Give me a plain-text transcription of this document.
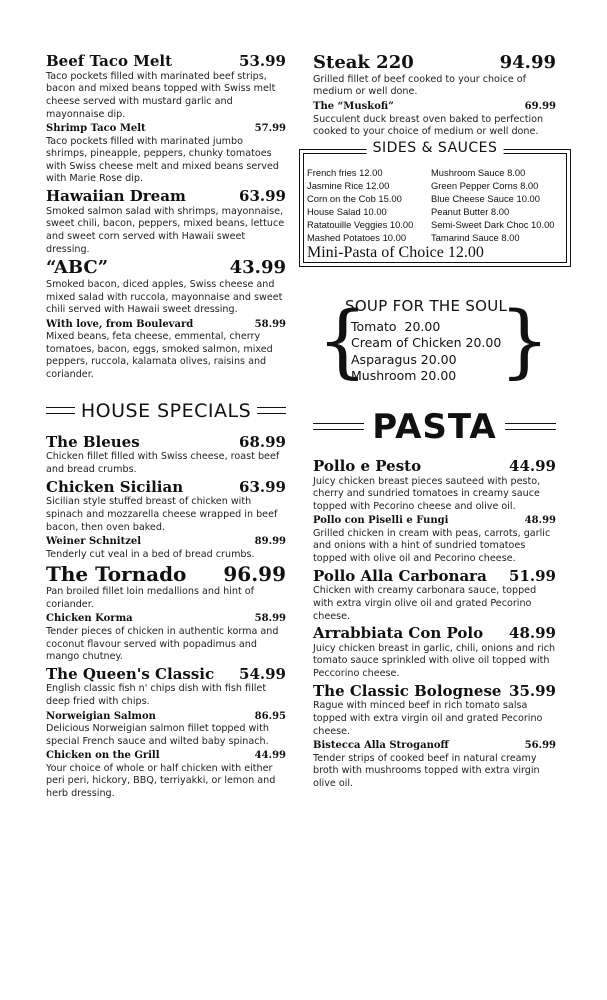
Beef Taco Melt	53.99
Taco pockets filled with marinated beef strips, bacon and mixed beans topped with Swiss melt cheese served with mustard garlic and mayonnaise dip.
Shrimp Taco Melt	57.99
Taco pockets filled with marinated jumbo shrimps, pineapple, peppers, chunky tomatoes with Swiss cheese melt and mixed beans served with Marie Rose dip.
Hawaiian Dream	63.99
Smoked salmon salad with shrimps, mayonnaise, sweet chili, bacon, peppers, mixed beans, lettuce and sweet corn served with Hawaii sweet dressing.
“ABC”	43.99
Smoked bacon, diced apples, Swiss cheese and mixed salad with ruccola, mayonnaise and sweet chili served with Hawaii sweet dressing.
With love, from Boulevard	58.99
Mixed beans, feta cheese, emmental, cherry tomatoes, bacon, eggs, smoked salmon, mixed peppers, ruccola, kalamata olives, raisins and coriander.
HOUSE SPECIALS
The Bleues	68.99
Chicken fillet filled with Swiss cheese, roast beef and bread crumbs.
Chicken Sicilian	63.99
Sicilian style stuffed breast of chicken with spinach and mozzarella cheese wrapped in beef bacon, then oven baked.
Weiner Schnitzel	89.99
Tenderly cut veal in a bed of bread crumbs.
The Tornado 96.99
Pan broiled fillet loin medallions and hint of coriander.
Chicken Korma	58.99
Tender pieces of chicken in authentic korma and coconut flavour served with popadimus and mango chutney.
The Queen's Classic 54.99
English classic fish n' chips dish with fish fillet deep fried with chips.
Norweigian Salmon	86.95
Delicious Norweigian salmon fillet topped with special French sauce and wilted baby spinach.
Chicken on the Grill	44.99
Your choice of whole or half chicken with either peri peri, hickory, BBQ, terriyakki, or lemon and herb dressing.
Steak 220	94.99
Grilled fillet of beef cooked to your choice of medium or well done.
The “Muskofi”	69.99
Succulent duck breast oven baked to perfection cooked to your choice of medium or well done.
SIDES & SAUCES
French fries 12.00
Jasmine Rice 12.00
Corn on the Cob 15.00
House Salad 10.00
Ratatouille Veggies 10.00
Mashed Potatoes 10.00
Mushroom Sauce 8.00
Green Pepper Corns 8.00
Blue Cheese Sauce 10.00
Peanut Butter 8.00
Semi-Sweet Dark Choc 10.00
Tamarind Sauce 8.00
Mini-Pasta of Choice 12.00
{ }
SOUP FOR THE SOUL
Tomato  20.00
Cream of Chicken 20.00
Asparagus 20.00
Mushroom 20.00
PASTA
Pollo e Pesto	44.99
Juicy chicken breast pieces sauteed with pesto, cherry and sundried tomatoes in creamy sauce topped with Pecorino cheese and olive oil.
Pollo con Piselli e Fungi	48.99
Grilled chicken in cream with peas, carrots, garlic and onions with a hint of sundried tomatoes topped with olive oil and Pecorino cheese.
Pollo Alla Carbonara 51.99
Chicken with creamy carbonara sauce, topped with extra virgin olive oil and grated Pecorino cheese.
Arrabbiata Con Polo 48.99
Juicy chicken breast in garlic, chili, onions and rich tomato sauce sprinkled with olive oil topped with Peccorino cheese.
The Classic Bolognese 35.99
Rague with minced beef in rich tomato salsa topped with extra virgin oil and grated Pecorino cheese.
Bistecca Alla Stroganoff	56.99
Tender strips of cooked beef in natural creamy broth with mushrooms topped with extra virgin olive oil.
